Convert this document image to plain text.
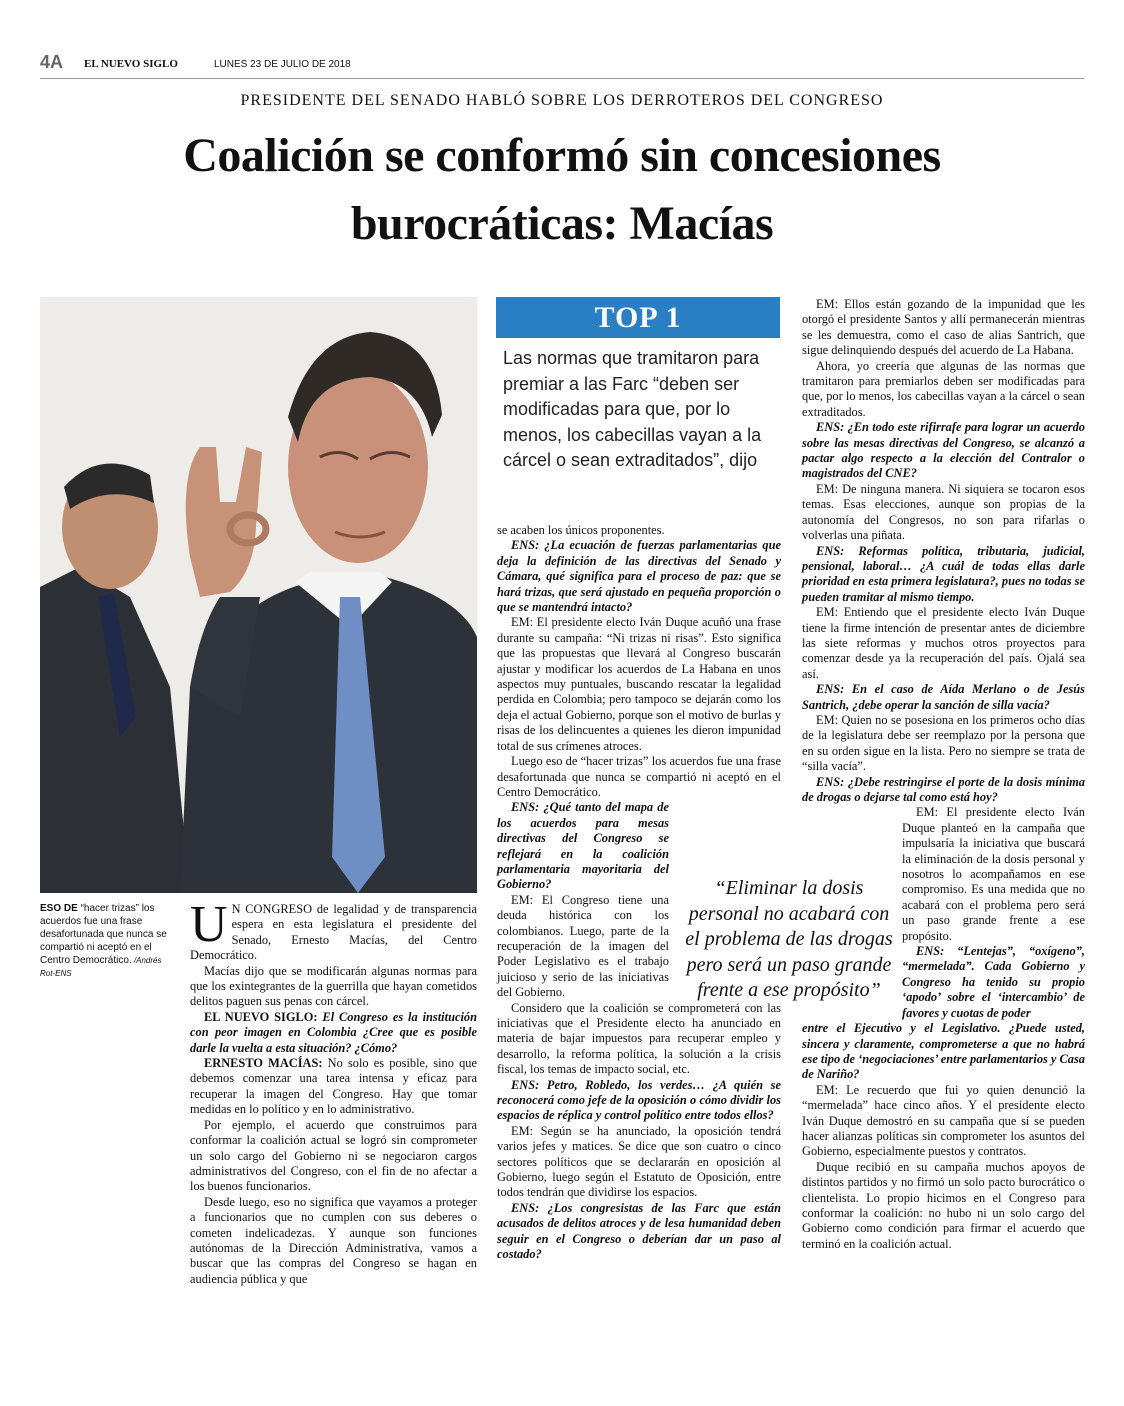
4A EL NUEVO SIGLO	LUNES 23 DE JULIO DE 2018
PRESIDENTE DEL SENADO HABLÓ SOBRE LOS DERROTEROS DEL CONGRESO
Coalición se conformó sin concesiones
burocráticas: Macías
ESO DE “hacer trizas” los acuerdos fue una frase desafortunada que nunca se compartió ni aceptó en el Centro Democrático. /Andrés Rot-ENS
TOP 1
Las normas que tramitaron para premiar a las Farc “deben ser modificadas para que, por lo menos, los cabecillas vayan a la cárcel o sean extraditados”, dijo

U N CONGRESO de legalidad y de transparencia espera en esta legislatura el presidente del Senado, Ernesto Macías, del Centro Democrático.

Macías dijo que se modificarán algunas normas para que los exintegrantes de la guerrilla que hayan cometidos delitos paguen sus penas con cárcel.

EL NUEVO SIGLO: El Congreso es la institución con peor imagen en Colombia ¿Cree que es posible darle la vuelta a esta situación? ¿Cómo?

ERNESTO MACÍAS: No solo es posible, sino que debemos comenzar una tarea intensa y eficaz para recuperar la imagen del Congreso. Hay que tomar medidas en lo político y en lo administrativo.

Por ejemplo, el acuerdo que construimos para conformar la coalición actual se logró sin comprometer un solo cargo del Gobierno ni se negociaron cargos administrativos del Congreso, con el fin de no afectar a los buenos funcionarios.

Desde luego, eso no significa que vayamos a proteger a funcionarios que no cumplen con sus deberes o cometen indelicadezas. Y aunque son funciones autónomas de la Dirección Administrativa, vamos a buscar que las compras del Congreso se hagan en audiencia pública y que

se acaben los únicos proponentes.

ENS: ¿La ecuación de fuerzas parlamentarias que deja la definición de las directivas del Senado y Cámara, qué significa para el proceso de paz: que se hará trizas, que será ajustado en pequeña proporción o que se mantendrá intacto?

EM: El presidente electo Iván Duque acuñó una frase durante su campaña: “Ni trizas ni risas”. Esto significa que las propuestas que llevará al Congreso buscarán ajustar y modificar los acuerdos de La Habana en unos aspectos muy puntuales, buscando rescatar la legalidad perdida en Colombia; pero tampoco se dejarán como los deja el actual Gobierno, porque son el motivo de burlas y risas de los delincuentes a quienes les dieron impunidad total de sus crímenes atroces.

Luego eso de “hacer trizas” los acuerdos fue una frase desafortunada que nunca se compartió ni aceptó en el Centro Democrático.

ENS: ¿Qué tanto del mapa de los acuerdos para mesas directivas del Congreso se reflejará en la coalición parlamentaria mayoritaria del Gobierno?

EM: El Congreso tiene una deuda histórica con los colombianos. Luego, parte de la recuperación de la imagen del Poder Legislativo es el trabajo juicioso y serio de las iniciativas del Gobierno.

Considero que la coalición se comprometerá con las iniciativas que el Presidente electo ha anunciado en materia de bajar impuestos para recuperar empleo y desarrollo, la reforma política, la solución a la crisis fiscal, los temas de impacto social, etc.

ENS: Petro, Robledo, los verdes… ¿A quién se reconocerá como jefe de la oposición o cómo dividir los espacios de réplica y control político entre todos ellos?

EM: Según se ha anunciado, la oposición tendrá varios jefes y matices. Se dice que son cuatro o cinco sectores políticos que se declararán en oposición al Gobierno, luego según el Estatuto de Oposición, entre todos tendrán que dividirse los espacios.

ENS: ¿Los congresistas de las Farc que están acusados de delitos atroces y de lesa humanidad deben seguir en el Congreso o deberían dar un paso al costado?

“Eliminar la dosis personal no acabará con el problema de las drogas pero será un paso grande frente a ese propósito”

EM: Ellos están gozando de la impunidad que les otorgó el presidente Santos y allí permanecerán mientras se les demuestra, como el caso de alias Santrich, que sigue delinquiendo después del acuerdo de La Habana.

Ahora, yo creería que algunas de las normas que tramitaron para premiarlos deben ser modificadas para que, por lo menos, los cabecillas vayan a la cárcel o sean extraditados.

ENS: ¿En todo este rifirrafe para lograr un acuerdo sobre las mesas directivas del Congreso, se alcanzó a pactar algo respecto a la elección del Contralor o magistrados del CNE?

EM: De ninguna manera. Ni siquiera se tocaron esos temas. Esas elecciones, aunque son propias de la autonomía del Congresos, no son para rifarlas o volverlas una piñata.

ENS: Reformas política, tributaria, judicial, pensional, laboral… ¿A cuál de todas ellas darle prioridad en esta primera legislatura?, pues no todas se pueden tramitar al mismo tiempo.

EM: Entiendo que el presidente electo Iván Duque tiene la firme intención de presentar antes de diciembre las siete reformas y muchos otros proyectos para comenzar desde ya la recuperación del país. Ojalá sea así.

ENS: En el caso de Aída Merlano o de Jesús Santrich, ¿debe operar la sanción de silla vacía?

EM: Quien no se posesiona en los primeros ocho días de la legislatura debe ser reemplazo por la persona que en su orden sigue en la lista. Pero no siempre se trata de “silla vacía”.

ENS: ¿Debe restringirse el porte de la dosis mínima de drogas o dejarse tal como está hoy?

EM: El presidente electo Iván Duque planteó en la campaña que impulsaría la iniciativa que buscará la eliminación de la dosis personal y nosotros lo acompañamos en ese compromiso. Es una medida que no acabará con el problema pero será un paso grande frente a ese propósito.

ENS: “Lentejas”, “oxígeno”, “mermelada”. Cada Gobierno y Congreso ha tenido su propio ‘apodo’ sobre el ‘intercambio’ de favores y cuotas de poder

entre el Ejecutivo y el Legislativo. ¿Puede usted, sincera y claramente, comprometerse a que no habrá ese tipo de ‘negociaciones’ entre parlamentarios y Casa de Nariño?

EM: Le recuerdo que fui yo quien denunció la “mermelada” hace cinco años. Y el presidente electo Iván Duque demostró en su campaña que sí se pueden hacer alianzas políticas sin comprometer los asuntos del Gobierno, especialmente puestos y contratos.

Duque recibió en su campaña muchos apoyos de distintos partidos y no firmó un solo pacto burocrático o clientelista. Lo propio hicimos en el Congreso para conformar la coalición: no hubo ni un solo cargo del Gobierno como condición para firmar el acuerdo que terminó en la coalición actual.
